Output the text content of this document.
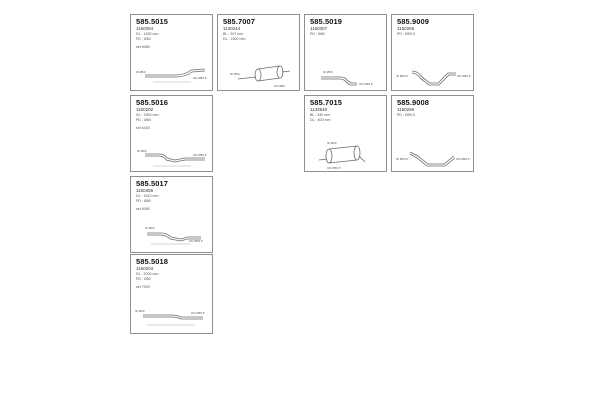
585.5015
1160054
DL : 1450 mm
PD : Ø60
set 6060
ID Ø60
OD Ø59.5
585.7007
1130244
BL : 297 mm
DL : 1500 mm
ID Ø60
OD Ø50
585.5019
1150307
PD : Ø60
ID Ø60
OD Ø59.5
585.9009
1160265
PD : Ø59.5
ID Ø59.5	OD Ø59.5
585.5016
1160202
DL : 1550 mm
PD : Ø60
set 6160
ID Ø60
OD Ø59.5
585.7015
1133540
BL : 330 mm
DL : 400 mm
ID Ø60
OD Ø59.5
585.9008
1160266
PD : Ø59.5
ID Ø59.5	OD Ø59.5
585.5017
1160455
DL : 1510 mm
PD : Ø60
set 6060
ID Ø60
OD Ø59.5
585.5018
1160204
DL : 2000 mm
PD : Ø60
set 7000
ID Ø60	OD Ø59.5
